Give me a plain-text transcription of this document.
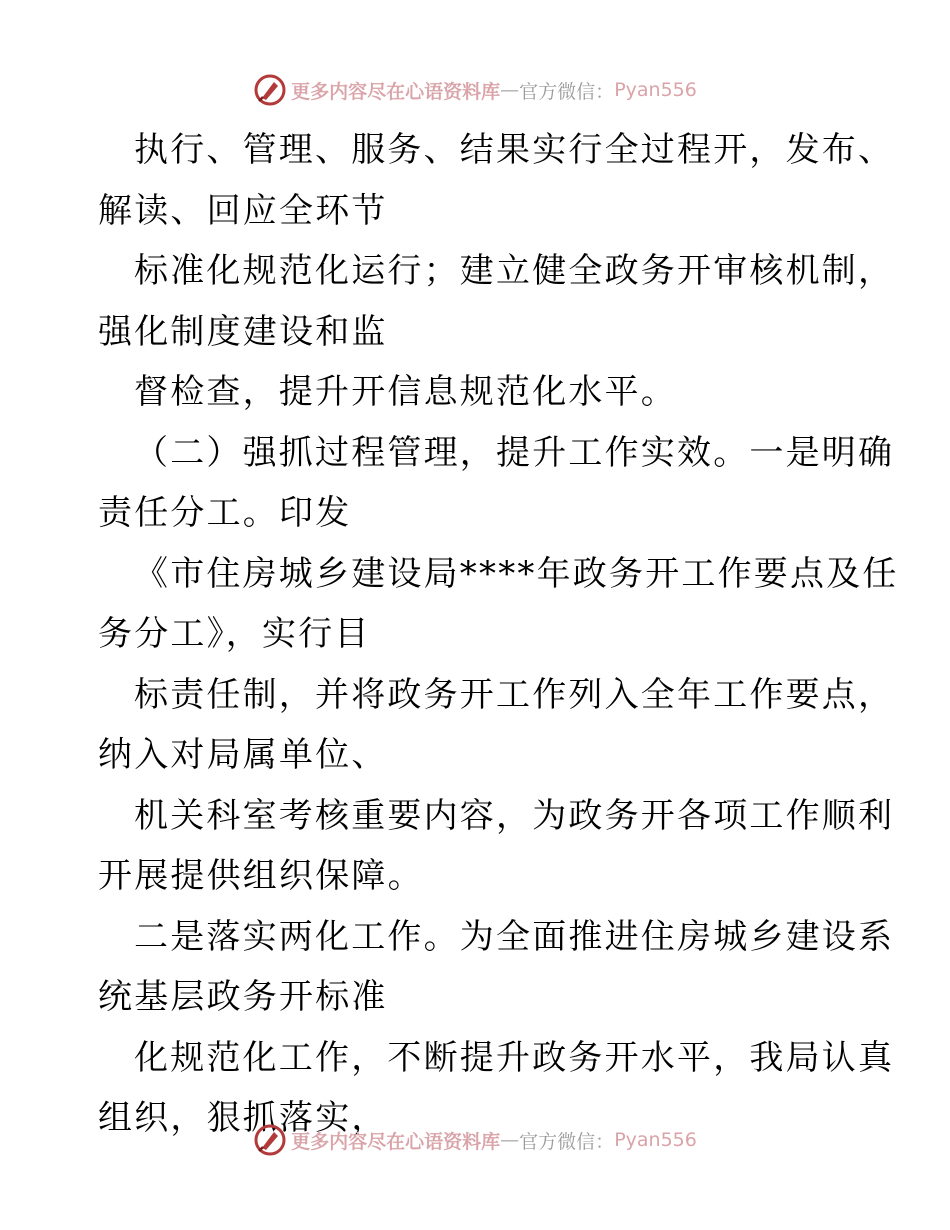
更多内容尽在心语资料库 — 官方微信： Pyan556
执行、管理、服务、结果实行全过程开，发布、
解读、回应全环节
标准化规范化运行；建立健全政务开审核机制，
强化制度建设和监
督检查，提升开信息规范化水平。
（二）强抓过程管理，提升工作实效。一是明确
责任分工。印发
《市住房城乡建设局****年政务开工作要点及任
务分工》，实行目
标责任制，并将政务开工作列入全年工作要点，
纳入对局属单位、
机关科室考核重要内容，为政务开各项工作顺利
开展提供组织保障。
二是落实两化工作。为全面推进住房城乡建设系
统基层政务开标准
化规范化工作，不断提升政务开水平，我局认真
组织，狠抓落实，
更多内容尽在心语资料库 — 官方微信： Pyan556
